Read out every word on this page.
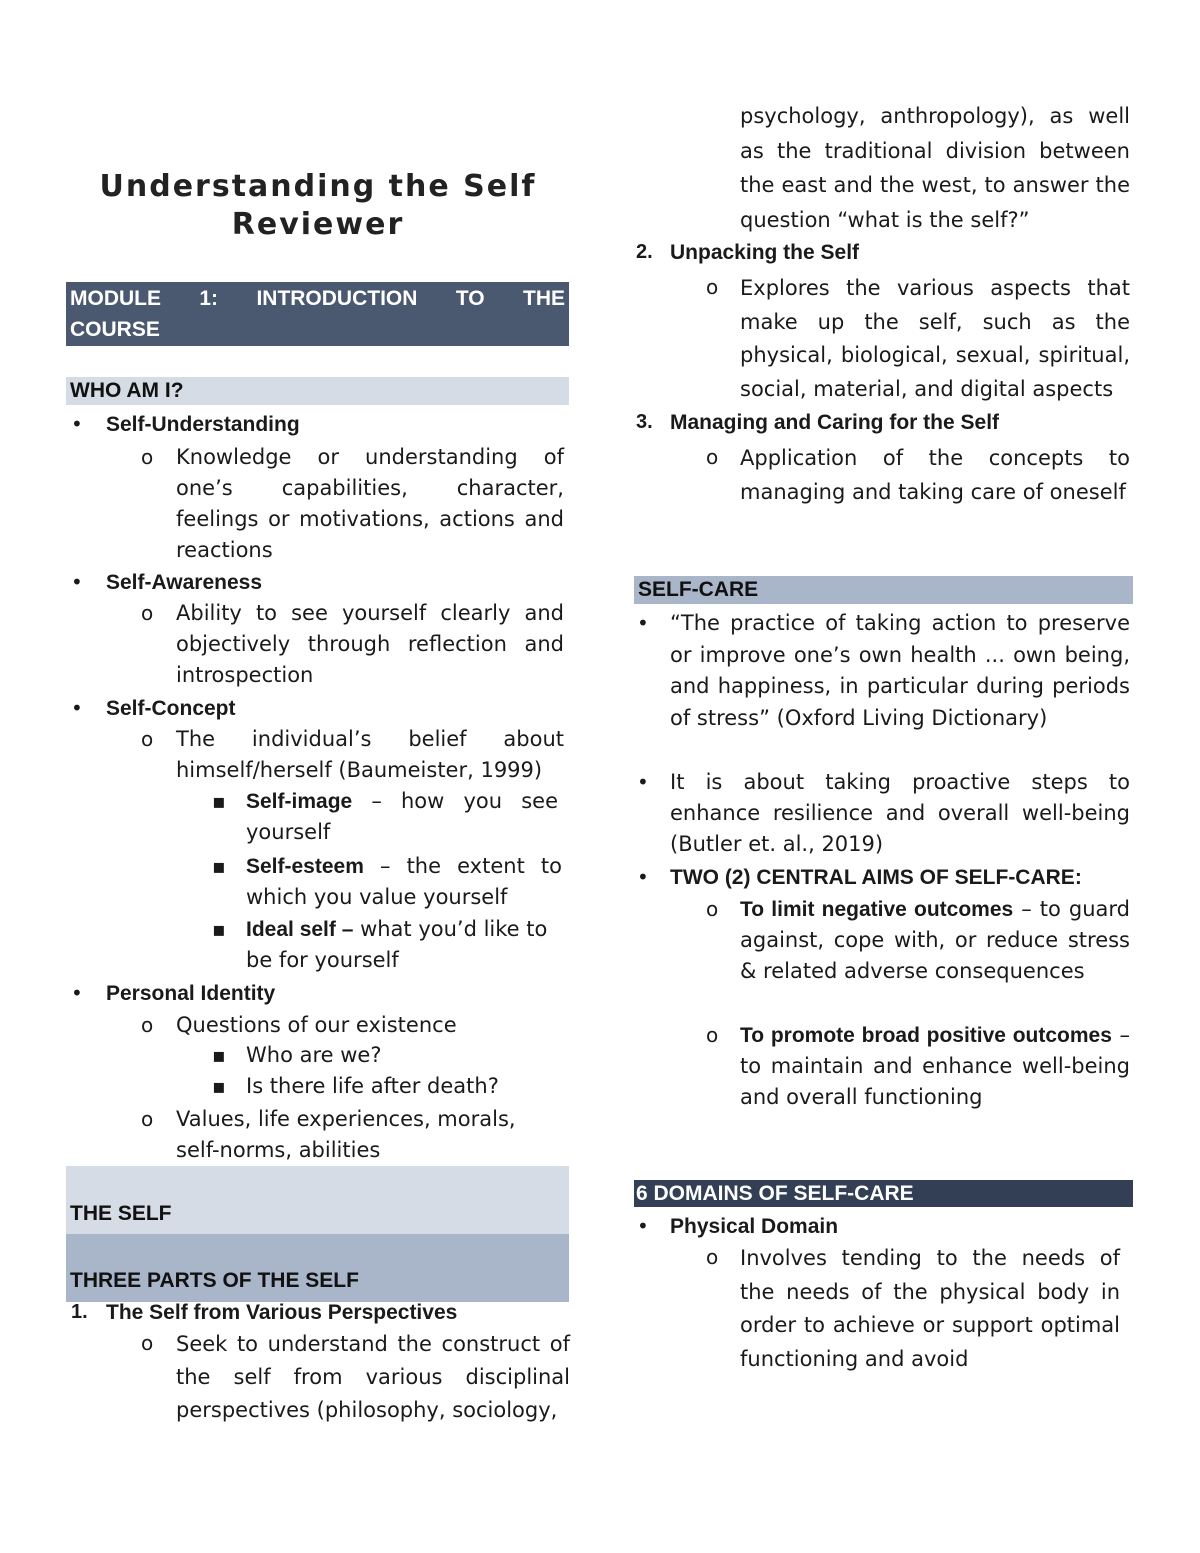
Understanding the Self
Reviewer
MODULE 1: INTRODUCTION TO THE
COURSE
WHO AM I?
• Self-Understanding
o Knowledge or understanding of one’s capabilities, character, feelings or motivations, actions and reactions
• Self-Awareness
o Ability to see yourself clearly and objectively through reflection and introspection
• Self-Concept
o The individual’s belief about himself/herself (Baumeister, 1999)
▪ Self-image – how you see yourself
▪ Self-esteem – the extent to which you value yourself
▪ Ideal self – what you’d like to be for yourself
• Personal Identity
o Questions of our existence
▪ Who are we?
▪ Is there life after death?
o Values, life experiences, morals, self-norms, abilities
THE SELF
THREE PARTS OF THE SELF
1. The Self from Various Perspectives
o Seek to understand the construct of the self from various disciplinal perspectives (philosophy, sociology,
psychology, anthropology), as well as the traditional division between the east and the west, to answer the question “what is the self?”
2. Unpacking the Self
o Explores the various aspects that make up the self, such as the physical, biological, sexual, spiritual, social, material, and digital aspects
3. Managing and Caring for the Self
o Application of the concepts to managing and taking care of oneself
SELF-CARE
• “The practice of taking action to preserve or improve one’s own health ... own being, and happiness, in particular during periods of stress” (Oxford Living Dictionary)
• It is about taking proactive steps to enhance resilience and overall well-being (Butler et. al., 2019)
• TWO (2) CENTRAL AIMS OF SELF-CARE:
o To limit negative outcomes – to guard against, cope with, or reduce stress & related adverse consequences
o To promote broad positive outcomes – to maintain and enhance well-being and overall functioning
6 DOMAINS OF SELF-CARE
• Physical Domain
o Involves tending to the needs of the needs of the physical body in order to achieve or support optimal functioning and avoid
